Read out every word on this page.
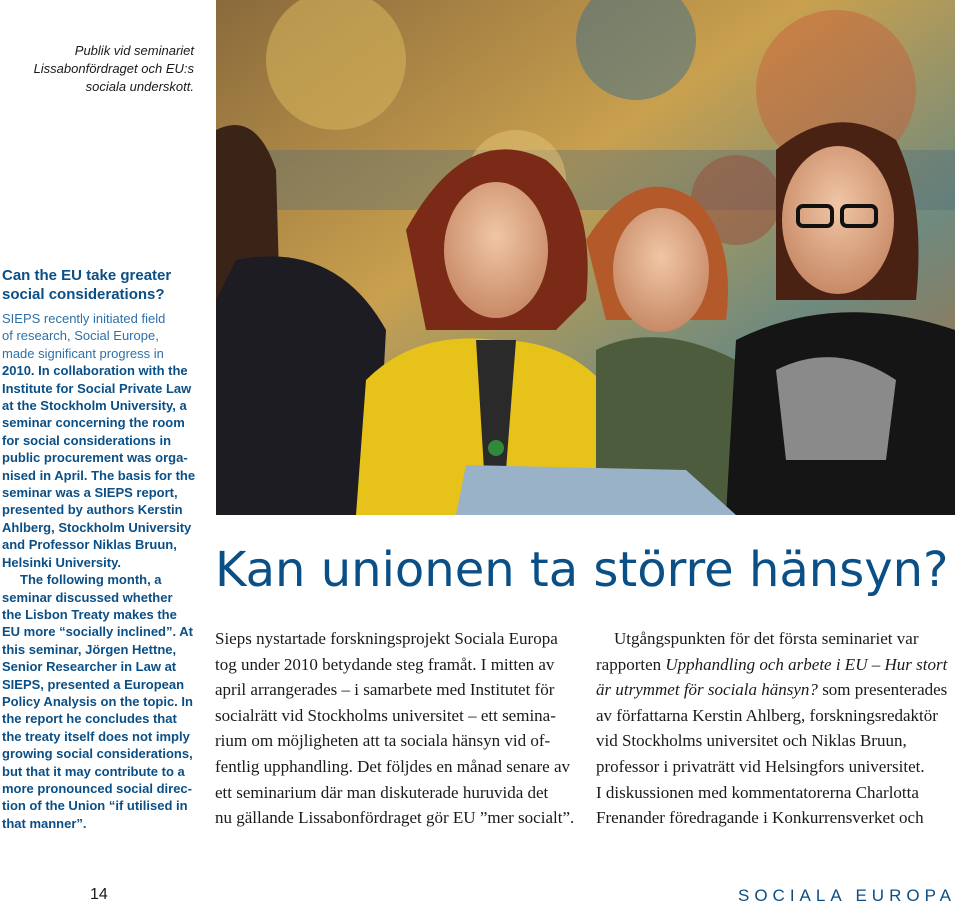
Publik vid seminariet
Lissabonfördraget och EU:s
sociala underskott.
Can the EU take greater
social considerations?
SIEPS recently initiated field
of research, Social Europe,
made significant progress in
2010. In collaboration with the
Institute for Social Private Law
at the Stockholm University, a
seminar concerning the room
for social considerations in
public procurement was orga-
nised in April. The basis for the
seminar was a SIEPS report,
presented by authors Kerstin
Ahlberg, Stockholm University
and Professor Niklas Bruun,
Helsinki University.
The following month, a
seminar discussed whether
the Lisbon Treaty makes the
EU more “socially inclined”. At
this seminar, Jörgen Hettne,
Senior Researcher in Law at
SIEPS, presented a European
Policy Analysis on the topic. In
the report he concludes that
the treaty itself does not imply
growing social considerations,
but that it may contribute to a
more pronounced social direc-
tion of the Union “if utilised in
that manner”.
Kan unionen ta större hänsyn?
Sieps nystartade forskningsprojekt Sociala Europa
tog under 2010 betydande steg framåt. I mitten av
april arrangerades – i samarbete med Institutet för
socialrätt vid Stockholms universitet – ett semina-
rium om möjligheten att ta sociala hänsyn vid of-
fentlig upphandling. Det följdes en månad senare av
ett seminarium där man diskuterade huruvida det
nu gällande Lissabonfördraget gör EU ”mer socialt”.
Utgångspunkten för det första seminariet var
rapporten Upphandling och arbete i EU – Hur stort
är utrymmet för sociala hänsyn? som presenterades
av författarna Kerstin Ahlberg, forskningsredaktör
vid Stockholms universitet och Niklas Bruun,
professor i privaträtt vid Helsingfors universitet.
I diskussionen med kommentatorerna Charlotta
Frenander föredragande i Konkurrensverket och
14	SOCIALA EUROPA
